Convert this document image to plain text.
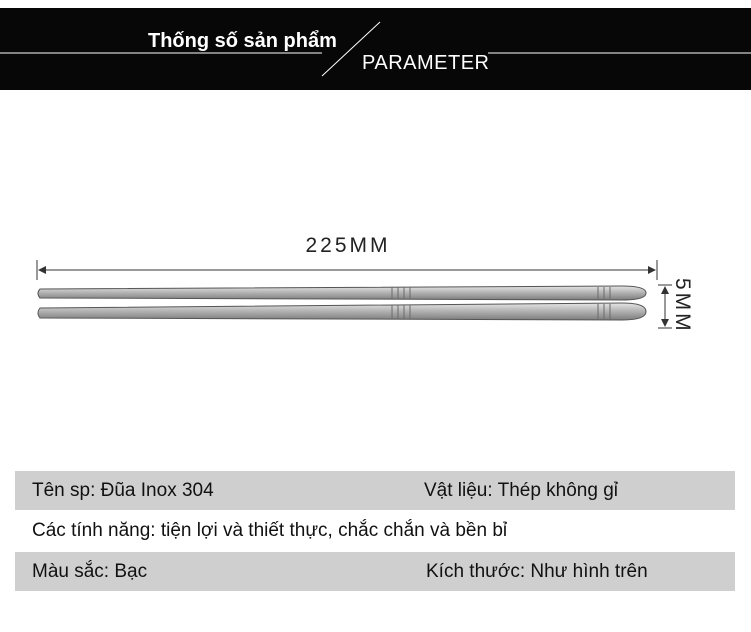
Thống số sản phẩm
PARAMETER
225MM
5MM
Tên sp: Đũa Inox 304	Vật liệu: Thép không gỉ
Các tính năng: tiện lợi và thiết thực, chắc chắn và bền bỉ
Màu sắc: Bạc	Kích thước: Như hình trên
